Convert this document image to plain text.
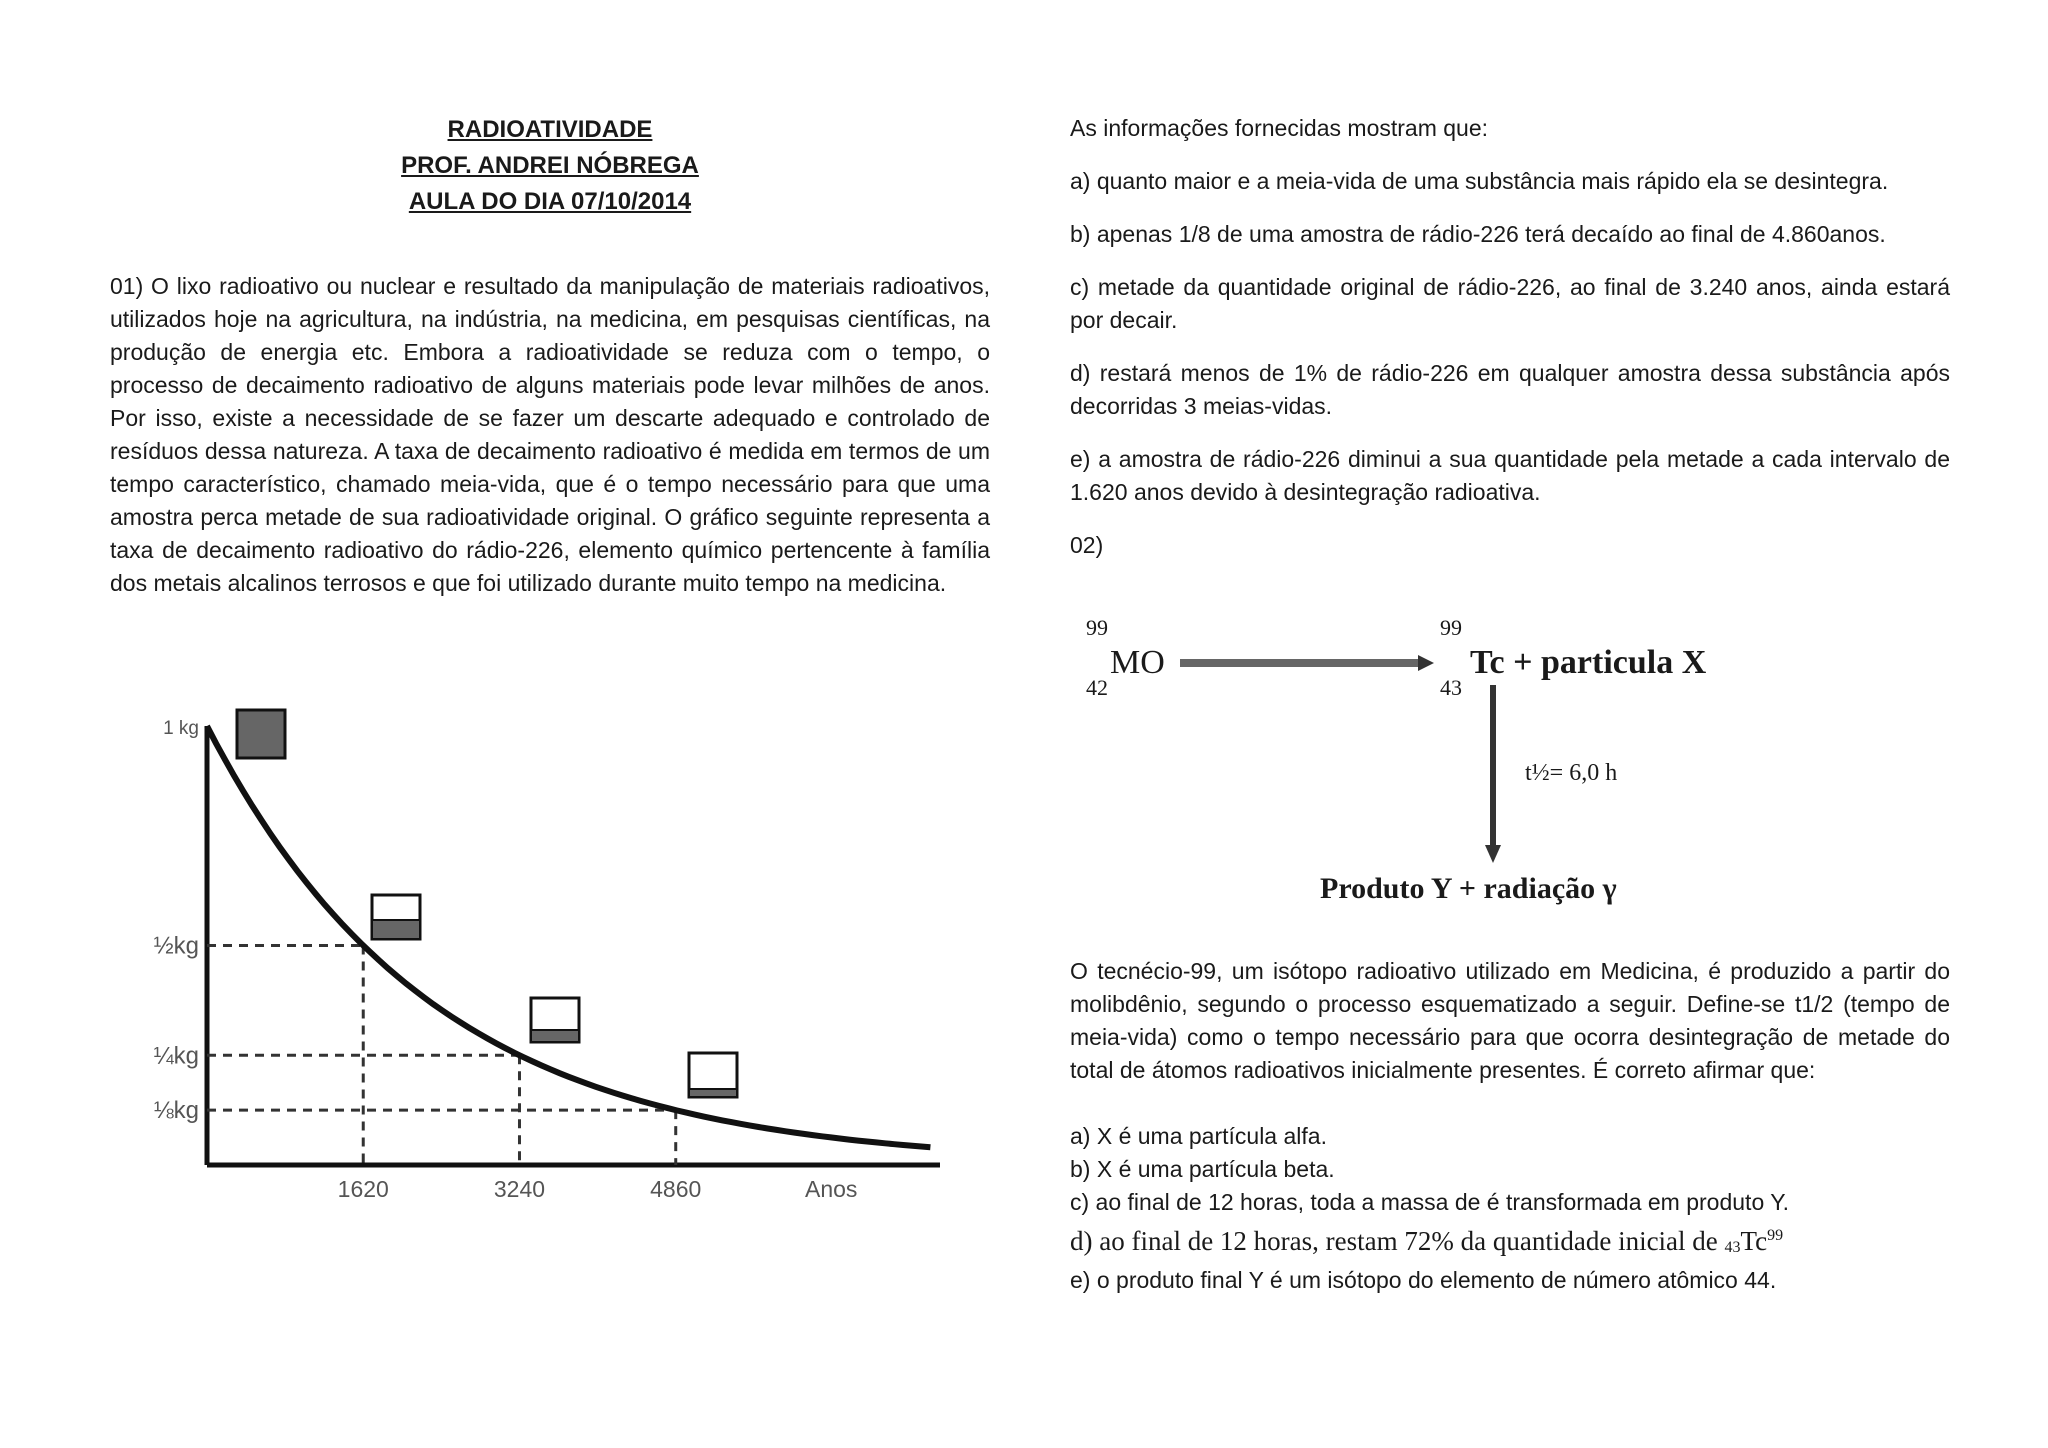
RADIOATIVIDADE
PROF. ANDREI NÓBREGA
AULA DO DIA 07/10/2014
01) O lixo radioativo ou nuclear e resultado da manipulação de materiais radioativos, utilizados hoje na agricultura, na indústria, na medicina, em pesquisas científicas, na produção de energia etc. Embora a radioatividade se reduza com o tempo, o processo de decaimento radioativo de alguns materiais pode levar milhões de anos. Por isso, existe a necessidade de se fazer um descarte adequado e controlado de resíduos dessa natureza. A taxa de decaimento radioativo é medida em termos de um tempo característico, chamado meia-vida, que é o tempo necessário para que uma amostra perca metade de sua radioatividade original. O gráfico seguinte representa a taxa de decaimento radioativo do rádio-226, elemento químico pertencente à família dos metais alcalinos terrosos e que foi utilizado durante muito tempo na medicina.
1 kg
½kg
¼kg
⅛kg
1620	3240	4860	Anos

As informações fornecidas mostram que:

a) quanto maior e a meia-vida de uma substância mais rápido ela se desintegra.

b) apenas 1/8 de uma amostra de rádio-226 terá decaído ao final de 4.860anos.

c) metade da quantidade original de rádio-226, ao final de 3.240 anos, ainda estará por decair.

d) restará menos de 1% de rádio-226 em qualquer amostra dessa substância após decorridas 3 meias-vidas.

e) a amostra de rádio-226 diminui a sua quantidade pela metade a cada intervalo de 1.620 anos devido à desintegração radioativa.

02)

99
42
MO
99
43
Tc + particula X
t½= 6,0 h
Produto Y + radiação γ

O tecnécio-99, um isótopo radioativo utilizado em Medicina, é produzido a partir do molibdênio, segundo o processo esquematizado a seguir. Define-se t1/2 (tempo de meia-vida) como o tempo necessário para que ocorra desintegração de metade do total de átomos radioativos inicialmente presentes. É correto afirmar que:

a) X é uma partícula alfa.
b) X é uma partícula beta.
c) ao final de 12 horas, toda a massa de é transformada em produto Y.
d) ao final de 12 horas, restam 72% da quantidade inicial de $_{43}Tc^{99}$
e) o produto final Y é um isótopo do elemento de número atômico 44.
